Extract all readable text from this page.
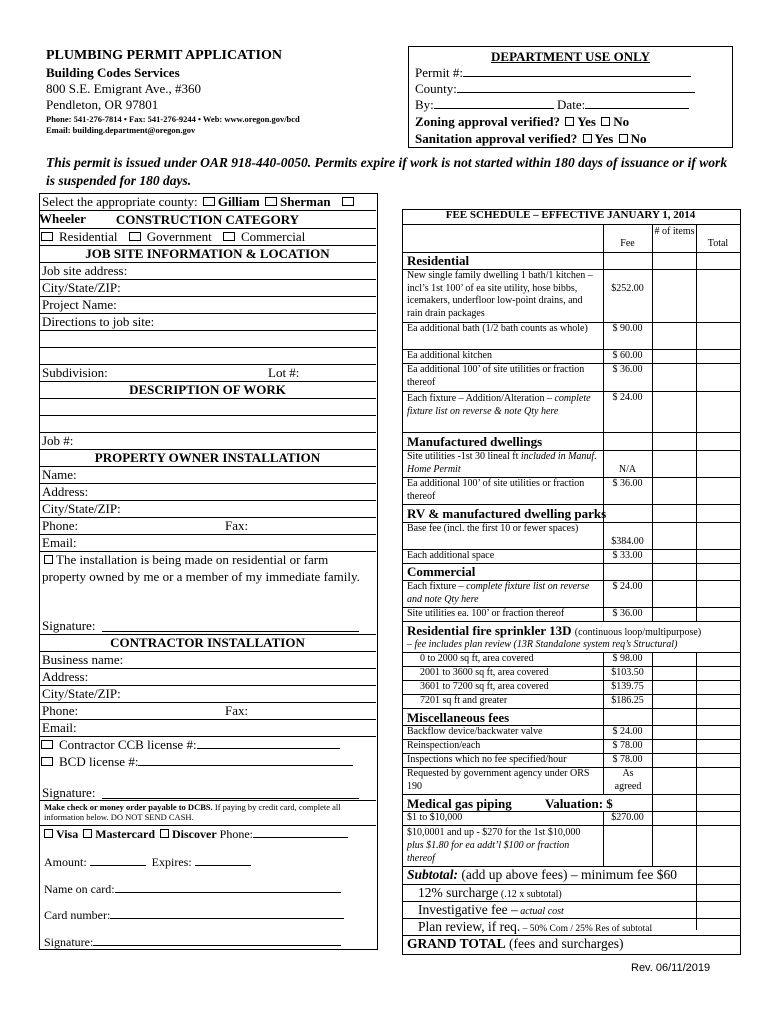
PLUMBING PERMIT APPLICATION
Building Codes Services
800 S.E. Emigrant Ave., #360
Pendleton, OR 97801
Phone: 541-276-7814 • Fax: 541-276-9244 • Web: www.oregon.gov/bcd
Email: building.department@oregon.gov
DEPARTMENT USE ONLY
Permit #:
County:
By:	Date:
Zoning approval verified? Yes No
Sanitation approval verified? Yes No
This permit is issued under OAR 918-440-0050. Permits expire if work is not started within 180 days of issuance or if work is suspended for 180 days.
Select the appropriate county: Gilliam Sherman Wheeler	CONSTRUCTION CATEGORY
Residential Government Commercial
JOB SITE INFORMATION & LOCATION
Job site address:
City/State/ZIP:
Project Name:
Directions to job site:
Subdivision:	Lot #:
DESCRIPTION OF WORK
Job #:
PROPERTY OWNER INSTALLATION
Name:
Address:
City/State/ZIP:
Phone:	Fax:
Email:
The installation is being made on residential or farm property owned by me or a member of my immediate family.
Signature:
CONTRACTOR INSTALLATION
Business name:
Address:
City/State/ZIP:
Phone:	Fax:
Email:
Contractor CCB license #:
BCD license #:
Signature:
Make check or money order payable to DCBS. If paying by credit card, complete all information below. DO NOT SEND CASH.
Visa Mastercard Discover Phone:
Amount:	Expires:
Name on card:
Card number:
Signature:
FEE SCHEDULE – EFFECTIVE JANUARY 1, 2014
Fee
# of items
Total
Residential
New single family dwelling 1 bath/1 kitchen – incl’s 1st 100’ of ea site utility, hose bibbs, icemakers, underfloor low-point drains, and rain drain packages
$252.00
Ea additional bath (1/2 bath counts as whole)	$ 90.00
Ea additional kitchen	$ 60.00
Ea additional 100’ of site utilities or fraction thereof
$ 36.00
Each fixture – Addition/Alteration – complete fixture list on reverse & note Qty here
$ 24.00
Manufactured dwellings
Site utilities -1st 30 lineal ft included in Manuf. Home Permit	N/A
Ea additional 100’ of site utilities or fraction thereof
$ 36.00
RV & manufactured dwelling parks
Base fee (incl. the first 10 or fewer spaces)
$384.00
Each additional space	$ 33.00
Commercial
Each fixture – complete fixture list on reverse and note Qty here
$ 24.00
Site utilities ea. 100’ or fraction thereof	$ 36.00
Residential fire sprinkler 13D (continuous loop/multipurpose)
– fee includes plan review (13R Standalone system req’s Structural)
0 to 2000 sq ft, area covered	$ 98.00
2001 to 3600 sq ft, area covered	$103.50
3601 to 7200 sq ft, area covered	$139.75
7201 sq ft and greater	$186.25
Miscellaneous fees
Backflow device/backwater valve	$ 24.00
Reinspection/each	$ 78.00
Inspections which no fee specified/hour	$ 78.00
Requested by government agency under ORS 190
As agreed
Medical gas piping	Valuation: $
$1 to $10,000	$270.00
$10,0001 and up - $270 for the 1st $10,000 plus $1.80 for ea addt’l $100 or fraction thereof
Subtotal: (add up above fees) – minimum fee $60
12% surcharge (.12 x subtotal)
Investigative fee – actual cost
Plan review, if req. – 50% Com / 25% Res of subtotal
GRAND TOTAL (fees and surcharges)
Rev. 06/11/2019
